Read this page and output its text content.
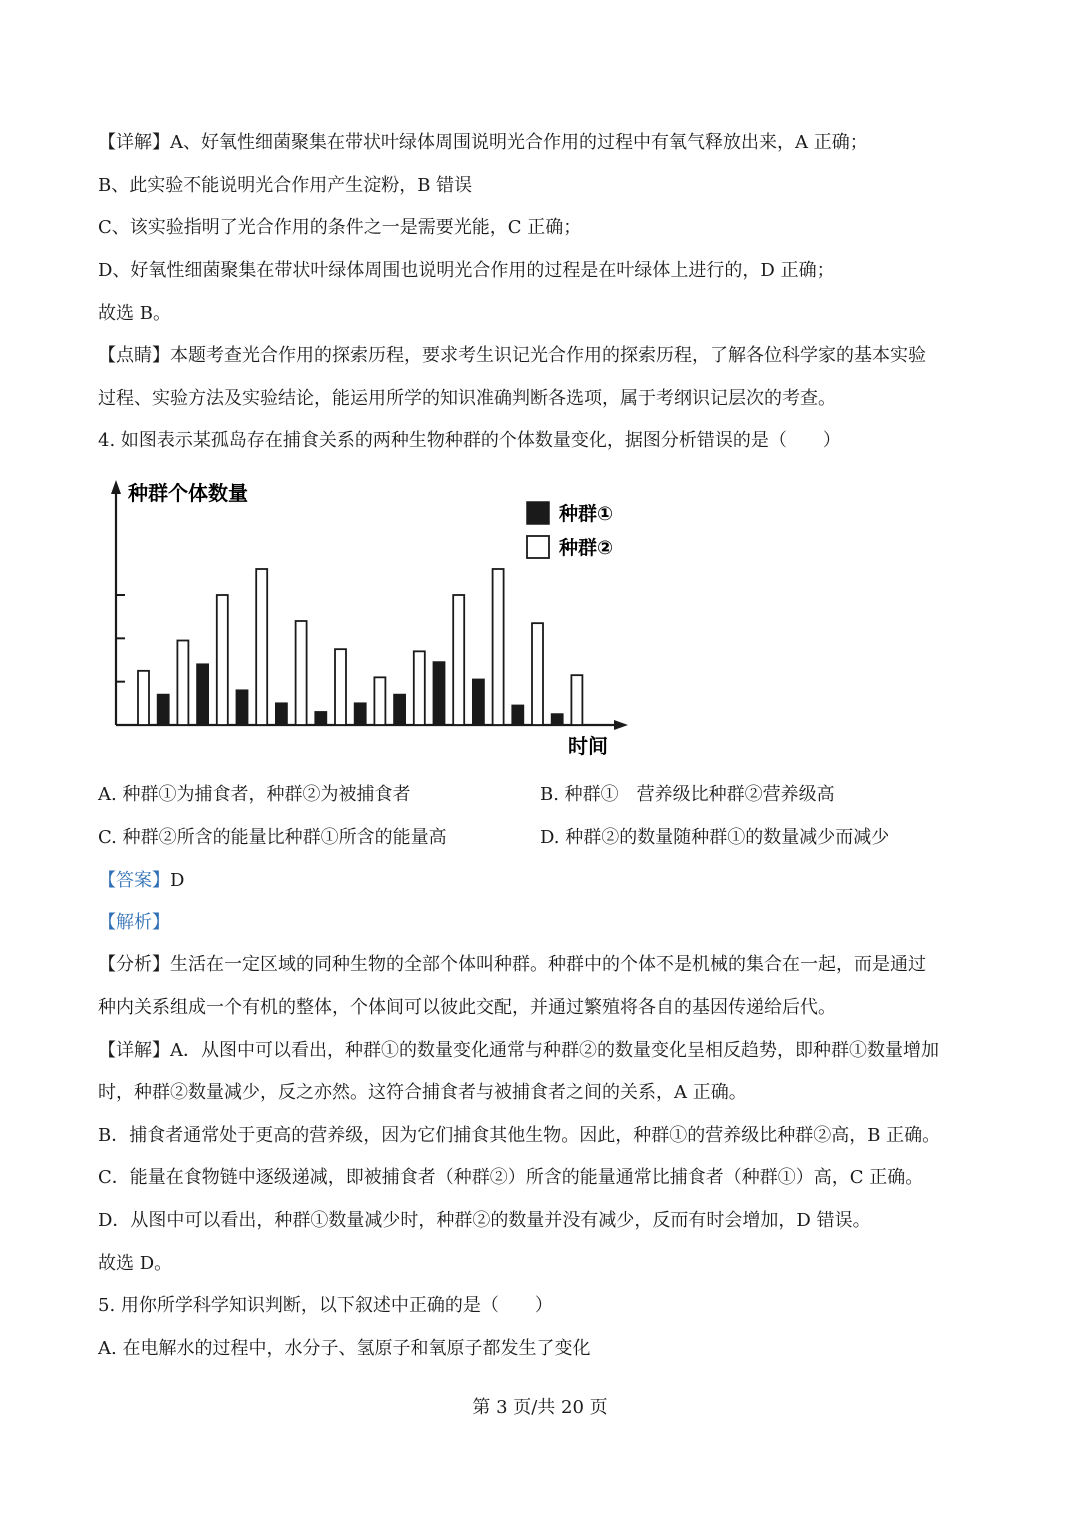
【详解】A、好氧性细菌聚集在带状叶绿体周围说明光合作用的过程中有氧气释放出来，A 正确；
B、此实验不能说明光合作用产生淀粉，B 错误
C、该实验指明了光合作用的条件之一是需要光能，C 正确；
D、好氧性细菌聚集在带状叶绿体周围也说明光合作用的过程是在叶绿体上进行的，D 正确；
故选 B。
【点睛】本题考查光合作用的探索历程，要求考生识记光合作用的探索历程，了解各位科学家的基本实验
过程、实验方法及实验结论，能运用所学的知识准确判断各选项，属于考纲识记层次的考查。
4. 如图表示某孤岛存在捕食关系的两种生物种群的个体数量变化，据图分析错误的是（　　）
种群个体数量
时间
种群①
种群②
A. 种群①为捕食者，种群②为被捕食者	B. 种群①　营养级比种群②营养级高
C. 种群②所含的能量比种群①所含的能量高	D. 种群②的数量随种群①的数量减少而减少
【答案】D
【解析】
【分析】生活在一定区域的同种生物的全部个体叫种群。种群中的个体不是机械的集合在一起，而是通过
种内关系组成一个有机的整体，个体间可以彼此交配，并通过繁殖将各自的基因传递给后代。
【详解】A．从图中可以看出，种群①的数量变化通常与种群②的数量变化呈相反趋势，即种群①数量增加
时，种群②数量减少，反之亦然。这符合捕食者与被捕食者之间的关系，A 正确。
B．捕食者通常处于更高的营养级，因为它们捕食其他生物。因此，种群①的营养级比种群②高，B 正确。
C．能量在食物链中逐级递减，即被捕食者（种群②）所含的能量通常比捕食者（种群①）高，C 正确。
D．从图中可以看出，种群①数量减少时，种群②的数量并没有减少，反而有时会增加，D 错误。
故选 D。
5. 用你所学科学知识判断，以下叙述中正确的是（　　）
A. 在电解水的过程中，水分子、氢原子和氧原子都发生了变化
第 3 页/共 20 页
